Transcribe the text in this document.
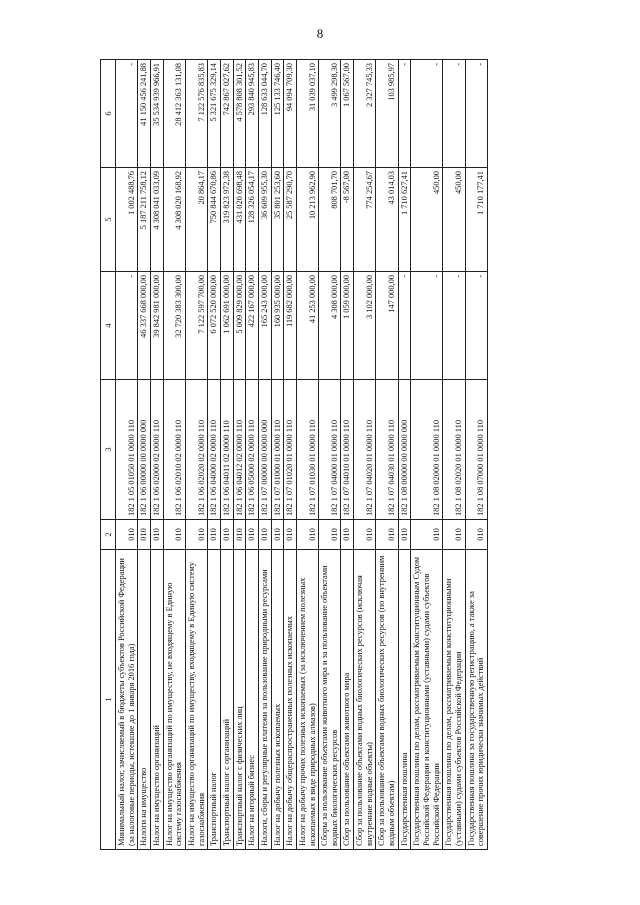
8
1	2	3	4	5	6
Минимальный налог, зачисляемый в бюджеты субъектов Российской Федерации (за налоговые периоды, истекшие до 1 января 2016 года)	010	182 1 05 01050 01 0000 110	-	1 002 488,76	-
Налоги на имущество	010	182 1 06 00000 00 0000 000	46 337 668 000,00	5 187 211 758,12	41 150 456 241,88
Налог на имущество организаций	010	182 1 06 02000 02 0000 110	39 842 981 000,00	4 308 041 033,09	35 534 939 966,91
Налог на имущество организаций по имуществу, не входящему в Единую систему газоснабжения	010	182 1 06 02010 02 0000 110	32 720 383 300,00	4 308 020 168,92	28 412 363 131,08
Налог на имущество организаций по имуществу, входящему в Единую систему газоснабжения	010	182 1 06 02020 02 0000 110	7 122 597 700,00	20 864,17	7 122 576 835,83
Транспортный налог	010	182 1 06 04000 02 0000 110	6 072 520 000,00	750 844 670,86	5 321 675 329,14
Транспортный налог с организаций	010	182 1 06 04011 02 0000 110	1 062 691 000,00	319 823 972,38	742 867 027,62
Транспортный налог с физических лиц	010	182 1 06 04012 02 0000 110	5 009 829 000,00	431 020 698,48	4 578 808 301,52
Налог на игорный бизнес	010	182 1 06 05000 02 0000 110	422 167 000,00	128 326 054,17	293 840 945,83
Налоги, сборы и регулярные платежи за пользование природными ресурсами	010	182 1 07 00000 00 0000 000	165 243 000,00	36 609 955,30	128 633 044,70
Налог на добычу полезных ископаемых	010	182 1 07 01000 01 0000 110	160 935 000,00	35 801 253,60	125 133 746,40
Налог на добычу общераспространенных полезных ископаемых	010	182 1 07 01020 01 0000 110	119 682 000,00	25 587 290,70	94 094 709,30
Налог на добычу прочих полезных ископаемых (за исключением полезных ископаемых в виде природных алмазов)	010	182 1 07 01030 01 0000 110	41 253 000,00	10 213 962,90	31 039 037,10
Сборы за пользование объектами животного мира и за пользование объектами водных биологических ресурсов	010	182 1 07 04000 01 0000 110	4 308 000,00	808 701,70	3 499 298,30
Сбор за пользование объектами животного мира	010	182 1 07 04010 01 0000 110	1 059 000,00	-8 567,00	1 067 567,00
Сбор за пользование объектами водных биологических ресурсов (исключая внутренние водные объекты)	010	182 1 07 04020 01 0000 110	3 102 000,00	774 254,67	2 327 745,33
Сбор за пользование объектами водных биологических ресурсов (по внутренним водным объектам)	010	182 1 07 04030 01 0000 110	147 000,00	43 014,03	103 985,97
Государственная пошлина	010	182 1 08 00000 00 0000 000	-	1 710 627,41	-
Государственная пошлина по делам, рассматриваемым Конституционным Судом Российской Федерации и конституционными (уставными) судами субъектов Российской Федерации	010	182 1 08 02000 01 0000 110	-	450,00	-
Государственная пошлина по делам, рассматриваемым конституционными (уставными) судами субъектов Российской Федерации	010	182 1 08 02020 01 0000 110	-	450,00	-
Государственная пошлина за государственную регистрацию, а также за совершение прочих юридически значимых действий	010	182 1 08 07000 01 0000 110	-	1 710 177,41	-
